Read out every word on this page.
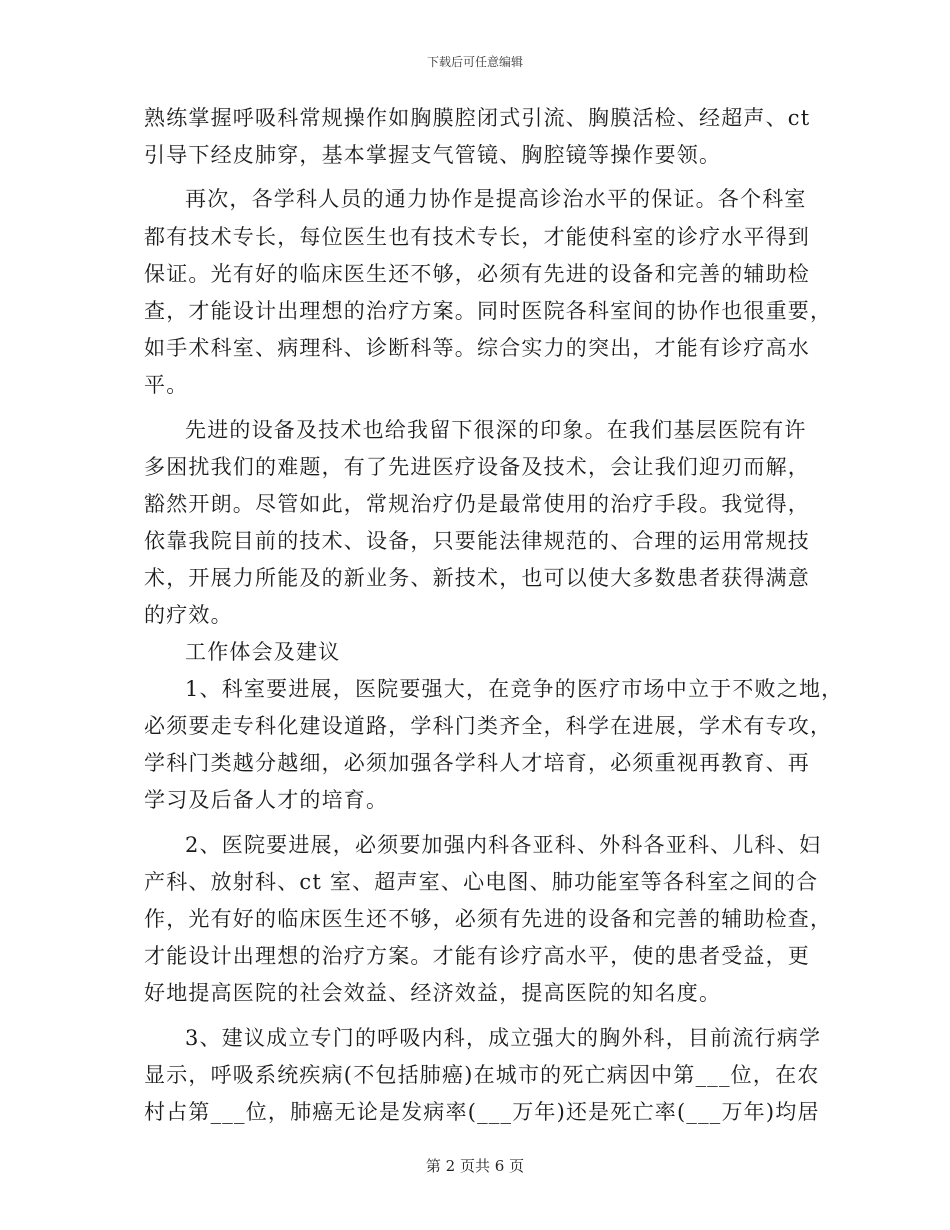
下载后可任意编辑
熟练掌握呼吸科常规操作如胸膜腔闭式引流、胸膜活检、经超声、ct
引导下经皮肺穿，基本掌握支气管镜、胸腔镜等操作要领。
再次，各学科人员的通力协作是提高诊治水平的保证。各个科室
都有技术专长，每位医生也有技术专长，才能使科室的诊疗水平得到
保证。光有好的临床医生还不够，必须有先进的设备和完善的辅助检
查，才能设计出理想的治疗方案。同时医院各科室间的协作也很重要，
如手术科室、病理科、诊断科等。综合实力的突出，才能有诊疗高水
平。
先进的设备及技术也给我留下很深的印象。在我们基层医院有许
多困扰我们的难题，有了先进医疗设备及技术，会让我们迎刃而解，
豁然开朗。尽管如此，常规治疗仍是最常使用的治疗手段。我觉得，
依靠我院目前的技术、设备，只要能法律规范的、合理的运用常规技
术，开展力所能及的新业务、新技术，也可以使大多数患者获得满意
的疗效。
工作体会及建议
1、科室要进展，医院要强大，在竞争的医疗市场中立于不败之地，
必须要走专科化建设道路，学科门类齐全，科学在进展，学术有专攻，
学科门类越分越细，必须加强各学科人才培育，必须重视再教育、再
学习及后备人才的培育。
2、医院要进展，必须要加强内科各亚科、外科各亚科、儿科、妇
产科、放射科、ct 室、超声室、心电图、肺功能室等各科室之间的合
作，光有好的临床医生还不够，必须有先进的设备和完善的辅助检查，
才能设计出理想的治疗方案。才能有诊疗高水平，使的患者受益，更
好地提高医院的社会效益、经济效益，提高医院的知名度。
3、建议成立专门的呼吸内科，成立强大的胸外科，目前流行病学
显示，呼吸系统疾病(不包括肺癌)在城市的死亡病因中第___位，在农
村占第___位，肺癌无论是发病率(___万年)还是死亡率(___万年)均居
第 2 页共 6 页
